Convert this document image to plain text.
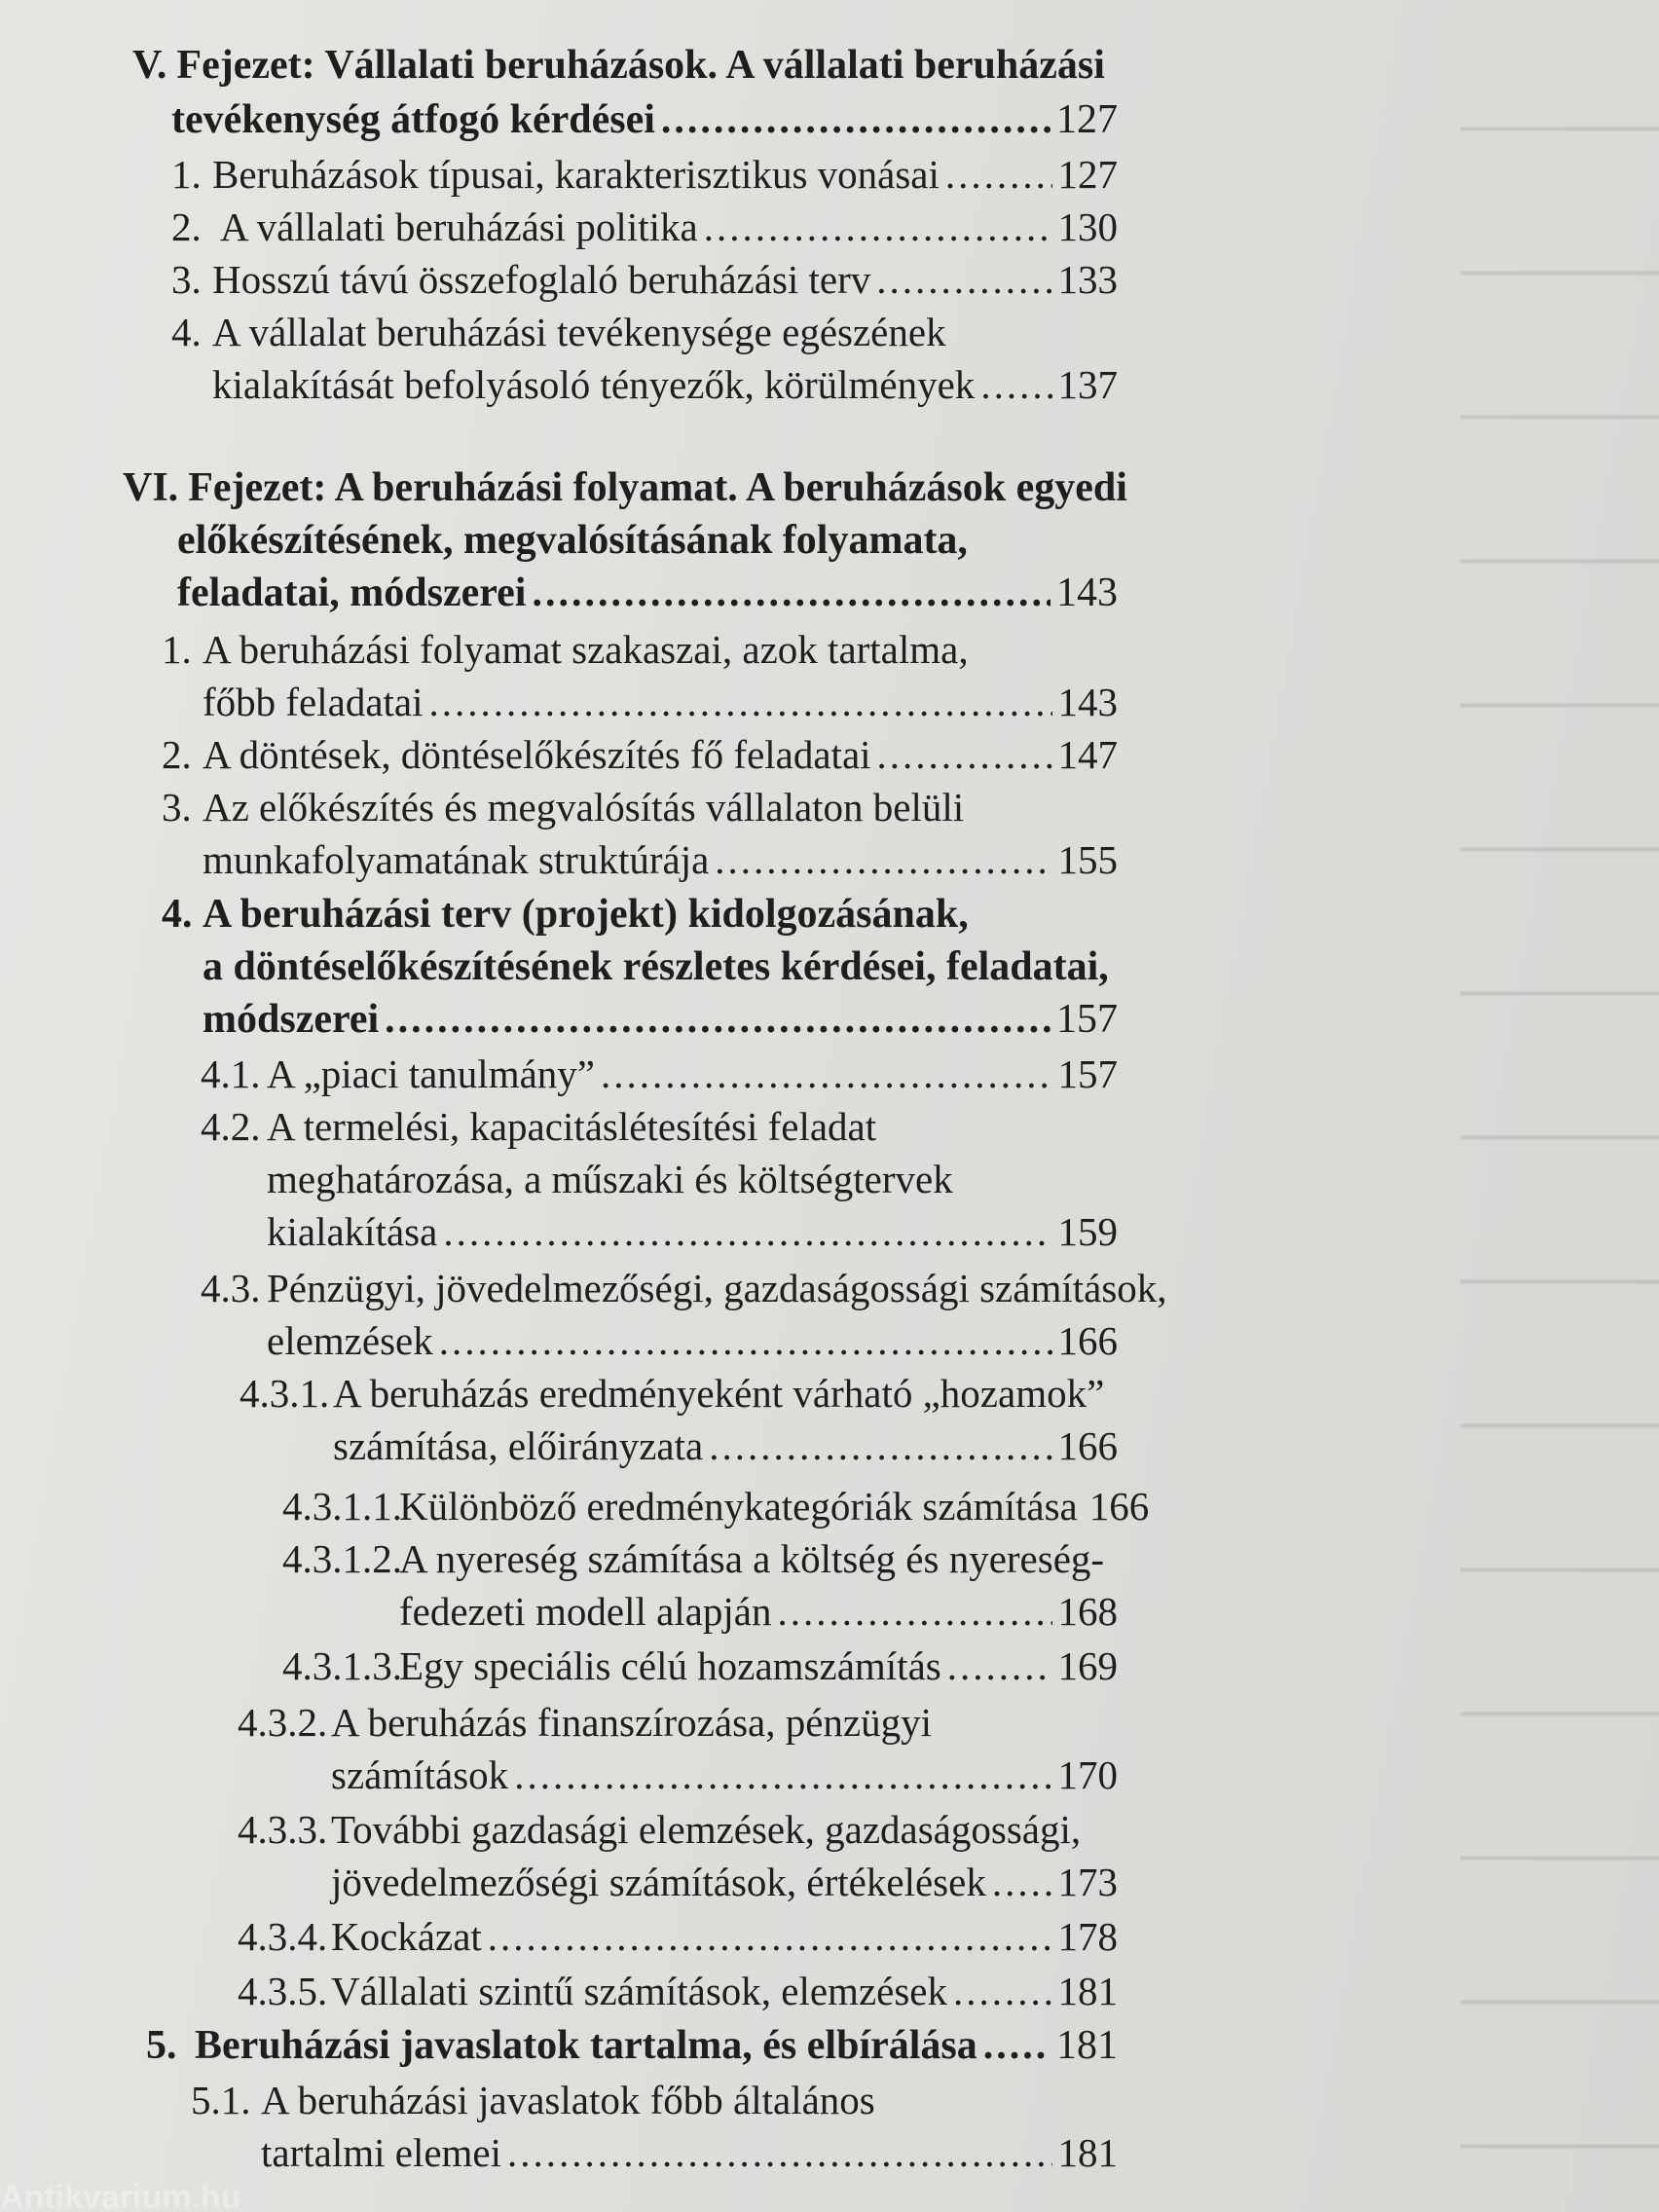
V. Fejezet: Vállalati beruházások. A vállalati beruházási
tevékenység átfogó kérdései .....	127
1. Beruházások típusai, karakterisztikus vonásai .....	127
2. A vállalati beruházási politika .....	130
3. Hosszú távú összefoglaló beruházási terv .....	133
4. A vállalat beruházási tevékenysége egészének
kialakítását befolyásoló tényezők, körülmények ..... 137
VI. Fejezet: A beruházási folyamat. A beruházások egyedi
előkészítésének, megvalósításának folyamata,
feladatai, módszerei .....	143
1. A beruházási folyamat szakaszai, azok tartalma,
főbb feladatai .....	143
2. A döntések, döntéselőkészítés fő feladatai .....	147
3. Az előkészítés és megvalósítás vállalaton belüli
munkafolyamatának struktúrája .....	155
4. A beruházási terv (projekt) kidolgozásának,
a döntéselőkészítésének részletes kérdései, feladatai,
módszerei .....	157
4.1. A „piaci tanulmány” .....	157
4.2. A termelési, kapacitáslétesítési feladat
meghatározása, a műszaki és költségtervek
kialakítása .....	159
4.3. Pénzügyi, jövedelmezőségi, gazdaságossági számítások,
elemzések .....	166
4.3.1. A beruházás eredményeként várható „hozamok”
számítása, előirányzata .....	166
4.3.1.1.
Különböző eredménykategóriák számítása 166
4.3.1.2.
A nyereség számítása a költség és nyereség-
fedezeti modell alapján .....	168
4.3.1.3.
Egy speciális célú hozamszámítás .....	169
4.3.2. A beruházás finanszírozása, pénzügyi
számítások .....	170
4.3.3. További gazdasági elemzések, gazdaságossági,
jövedelmezőségi számítások, értékelések ..... 173
4.3.4. Kockázat .....	178
4.3.5. Vállalati szintű számítások, elemzések .....	181
5. Beruházási javaslatok tartalma, és elbírálása ..... 181
5.1. A beruházási javaslatok főbb általános
tartalmi elemei .....	181
Antikvarium.hu
